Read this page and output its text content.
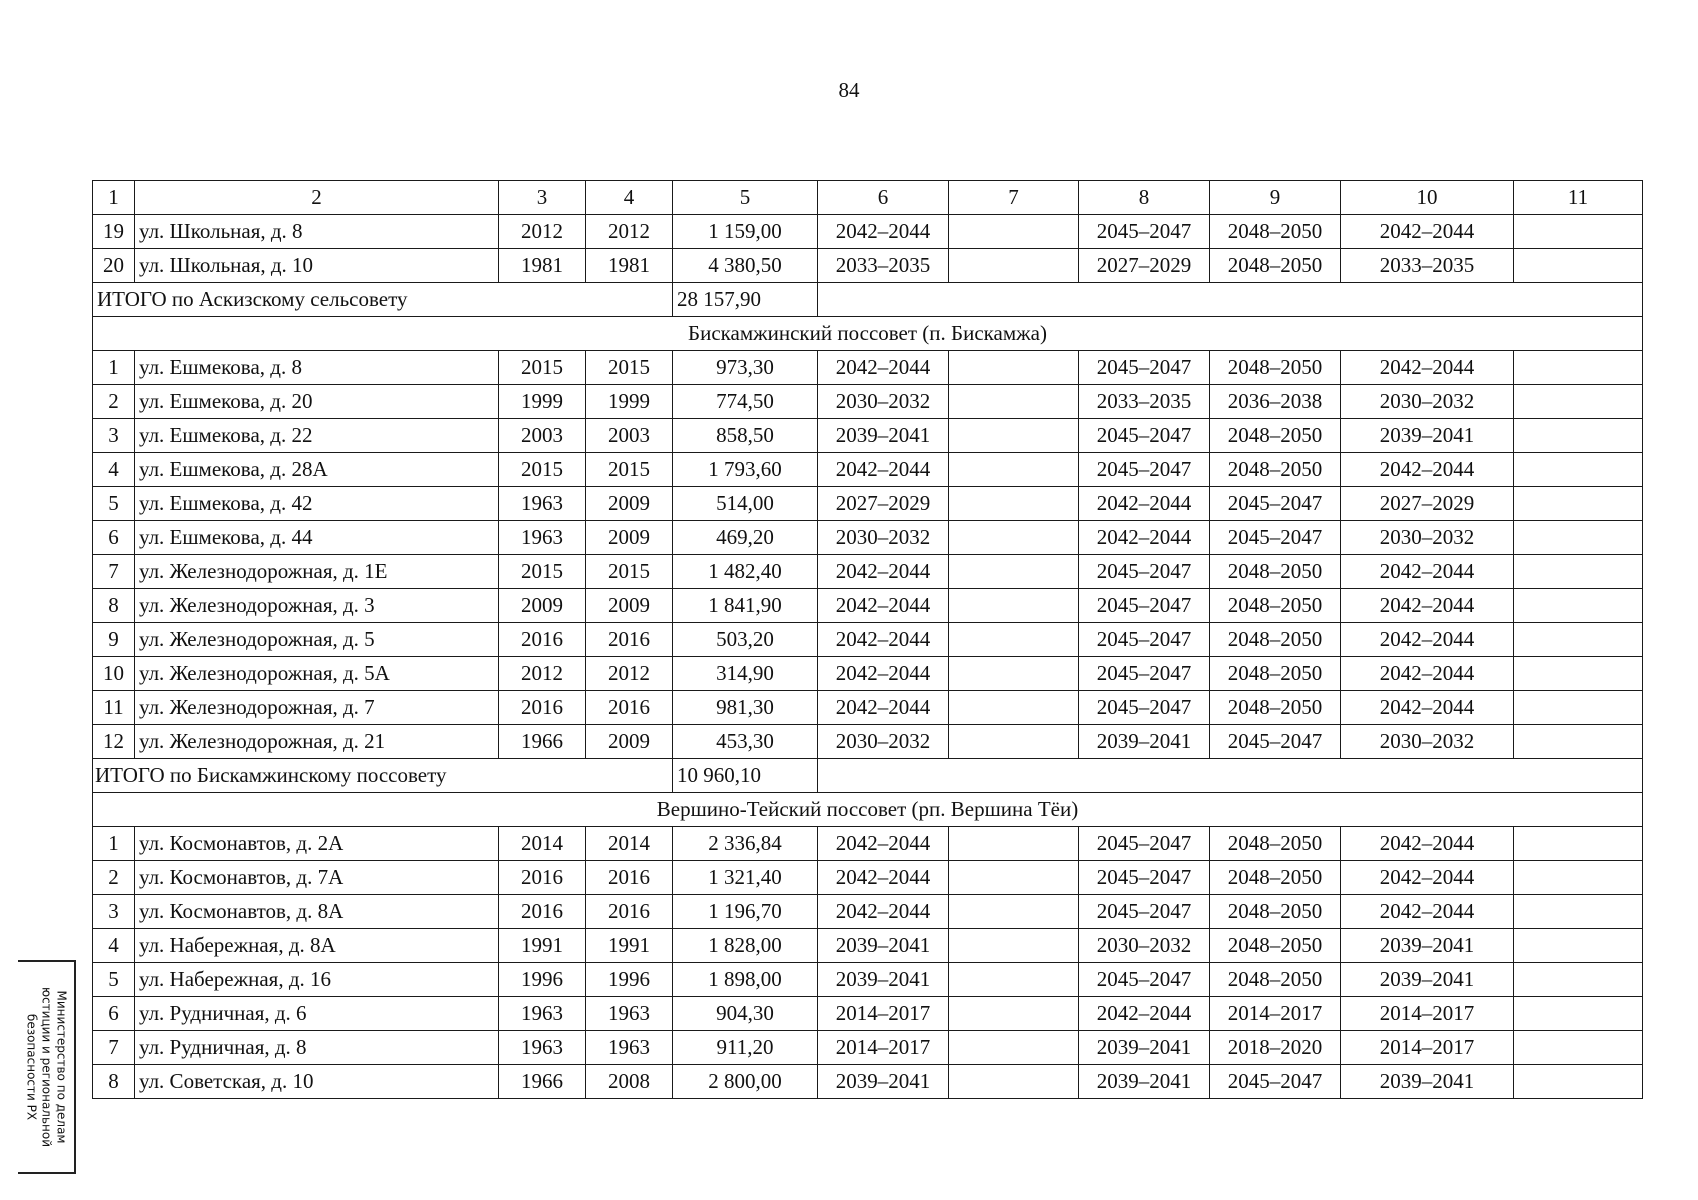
84
1	2	3	4	5	6	7	8	9	10	11
19	ул. Школьная, д. 8	2012	2012	1 159,00	2042–2044		2045–2047	2048–2050	2042–2044	
20	ул. Школьная, д. 10	1981	1981	4 380,50	2033–2035		2027–2029	2048–2050	2033–2035	
ИТОГО по Аскизскому сельсовету				28 157,90						
Бискамжинский поссовет (п. Бискамжа)										
1	ул. Ешмекова, д. 8	2015	2015	973,30	2042–2044		2045–2047	2048–2050	2042–2044	
2	ул. Ешмекова, д. 20	1999	1999	774,50	2030–2032		2033–2035	2036–2038	2030–2032	
3	ул. Ешмекова, д. 22	2003	2003	858,50	2039–2041		2045–2047	2048–2050	2039–2041	
4	ул. Ешмекова, д. 28А	2015	2015	1 793,60	2042–2044		2045–2047	2048–2050	2042–2044	
5	ул. Ешмекова, д. 42	1963	2009	514,00	2027–2029		2042–2044	2045–2047	2027–2029	
6	ул. Ешмекова, д. 44	1963	2009	469,20	2030–2032		2042–2044	2045–2047	2030–2032	
7	ул. Железнодорожная, д. 1Е	2015	2015	1 482,40	2042–2044		2045–2047	2048–2050	2042–2044	
8	ул. Железнодорожная, д. 3	2009	2009	1 841,90	2042–2044		2045–2047	2048–2050	2042–2044	
9	ул. Железнодорожная, д. 5	2016	2016	503,20	2042–2044		2045–2047	2048–2050	2042–2044	
10	ул. Железнодорожная, д. 5А	2012	2012	314,90	2042–2044		2045–2047	2048–2050	2042–2044	
11	ул. Железнодорожная, д. 7	2016	2016	981,30	2042–2044		2045–2047	2048–2050	2042–2044	
12	ул. Железнодорожная, д. 21	1966	2009	453,30	2030–2032		2039–2041	2045–2047	2030–2032	
ИТОГО по Бискамжинскому поссовету				10 960,10						
Вершино-Тейский поссовет (рп. Вершина Тёи)										
1	ул. Космонавтов, д. 2А	2014	2014	2 336,84	2042–2044		2045–2047	2048–2050	2042–2044	
2	ул. Космонавтов, д. 7А	2016	2016	1 321,40	2042–2044		2045–2047	2048–2050	2042–2044	
3	ул. Космонавтов, д. 8А	2016	2016	1 196,70	2042–2044		2045–2047	2048–2050	2042–2044	
4	ул. Набережная, д. 8А	1991	1991	1 828,00	2039–2041		2030–2032	2048–2050	2039–2041	
5	ул. Набережная, д. 16	1996	1996	1 898,00	2039–2041		2045–2047	2048–2050	2039–2041	
6	ул. Рудничная, д. 6	1963	1963	904,30	2014–2017		2042–2044	2014–2017	2014–2017	
7	ул. Рудничная, д. 8	1963	1963	911,20	2014–2017		2039–2041	2018–2020	2014–2017	
8	ул. Советская, д. 10	1966	2008	2 800,00	2039–2041		2039–2041	2045–2047	2039–2041	
Министерство по делам
юстиции и региональной
безопасности РХ
